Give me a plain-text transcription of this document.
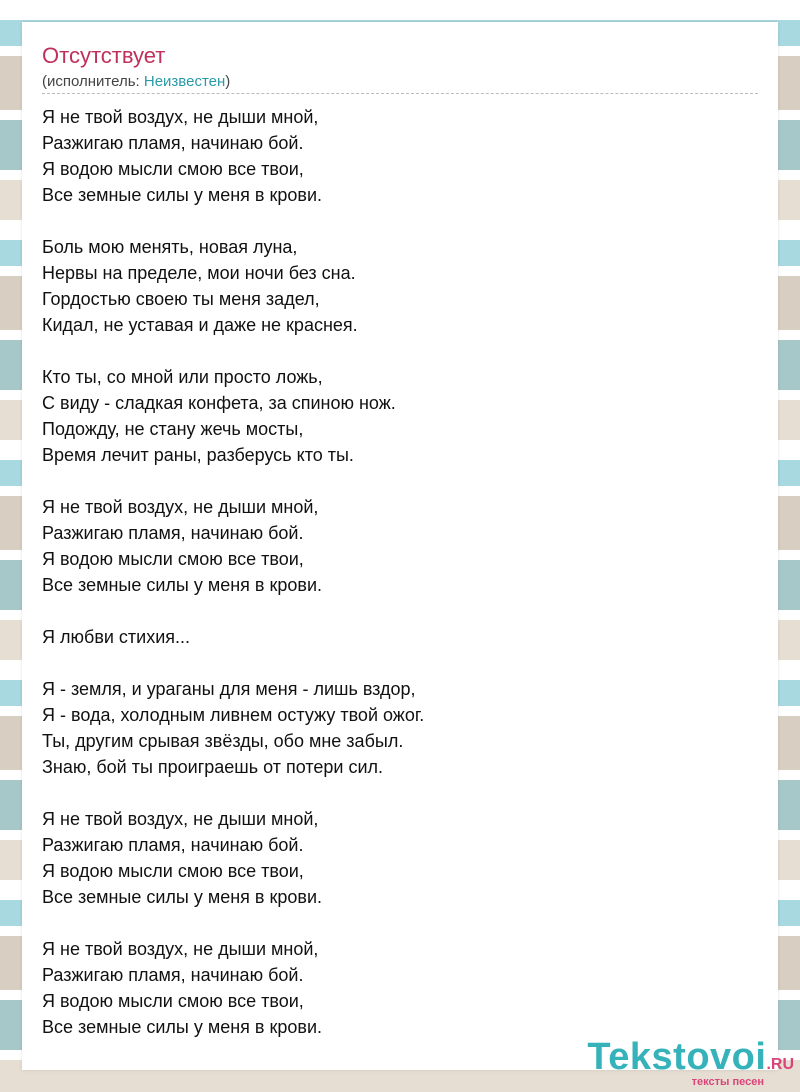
Отсутствует
(исполнитель: Неизвестен)
Я не твой воздух, не дыши мной,
Разжигаю пламя, начинаю бой.
Я водою мысли смою все твои,
Все земные силы у меня в крови.
Боль мою менять, новая луна,
Нервы на пределе, мои ночи без сна.
Гордостью своею ты меня задел,
Кидал, не уставая и даже не краснея.
Кто ты, со мной или просто ложь,
С виду - сладкая конфета, за спиною нож.
Подожду, не стану жечь мосты,
Время лечит раны, разберусь кто ты.
Я не твой воздух, не дыши мной,
Разжигаю пламя, начинаю бой.
Я водою мысли смою все твои,
Все земные силы у меня в крови.
Я любви стихия...
Я - земля, и ураганы для меня - лишь вздор,
Я - вода, холодным ливнем остужу твой ожог.
Ты, другим срывая звёзды, обо мне забыл.
Знаю, бой ты проиграешь от потери сил.
Я не твой воздух, не дыши мной,
Разжигаю пламя, начинаю бой.
Я водою мысли смою все твои,
Все земные силы у меня в крови.
Я не твой воздух, не дыши мной,
Разжигаю пламя, начинаю бой.
Я водою мысли смою все твои,
Все земные силы у меня в крови.
Tekstovoi.RU
тексты песен
